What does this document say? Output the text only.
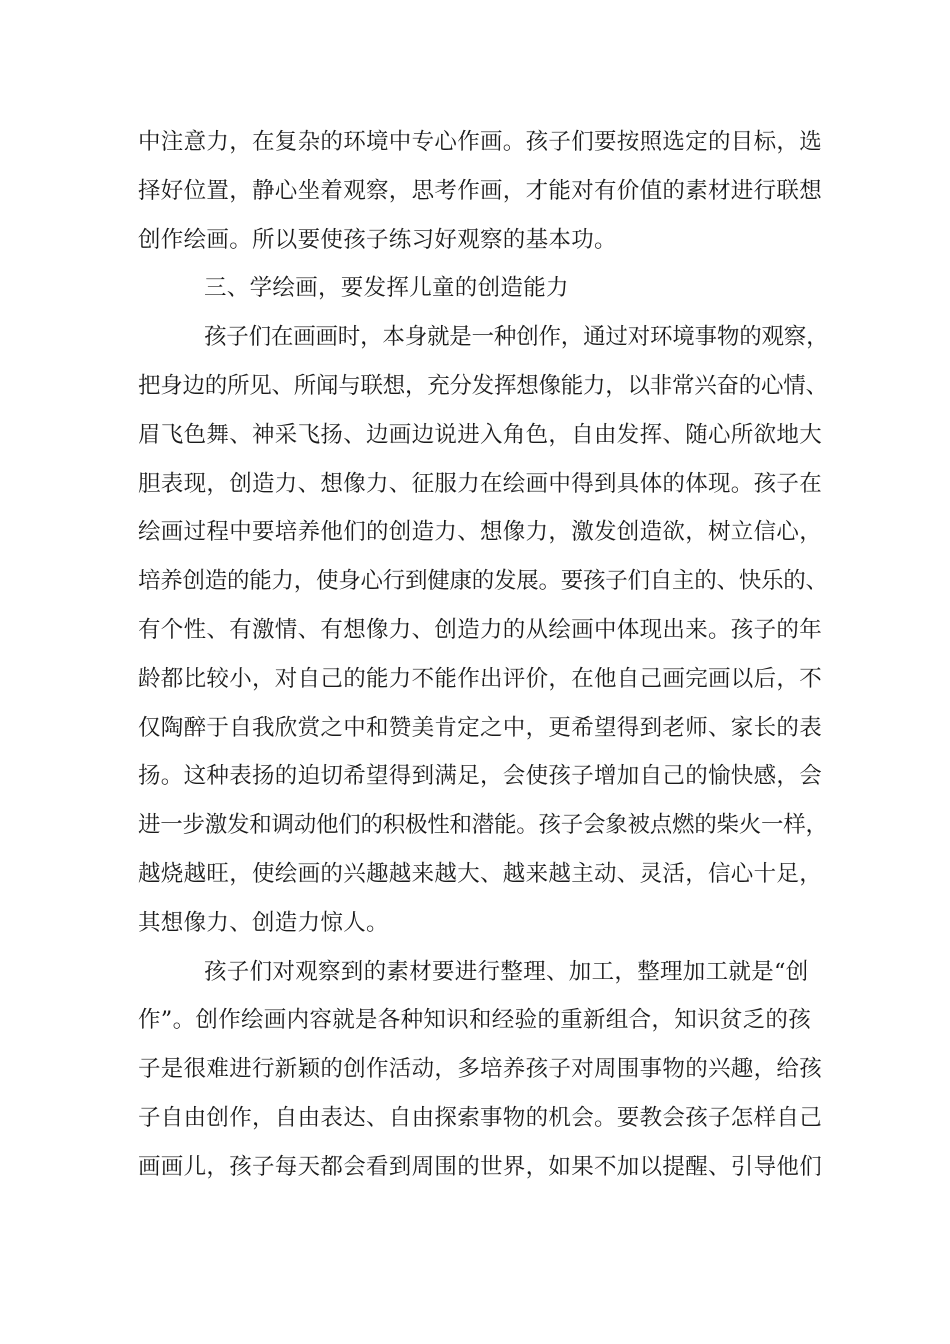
中注意力，在复杂的环境中专心作画。孩子们要按照选定的目标，选
择好位置，静心坐着观察，思考作画，才能对有价值的素材进行联想
创作绘画。所以要使孩子练习好观察的基本功。
三、学绘画，要发挥儿童的创造能力
孩子们在画画时，本身就是一种创作，通过对环境事物的观察，
把身边的所见、所闻与联想，充分发挥想像能力，以非常兴奋的心情、
眉飞色舞、神采飞扬、边画边说进入角色，自由发挥、随心所欲地大
胆表现，创造力、想像力、征服力在绘画中得到具体的体现。孩子在
绘画过程中要培养他们的创造力、想像力，激发创造欲，树立信心，
培养创造的能力，使身心行到健康的发展。要孩子们自主的、快乐的、
有个性、有激情、有想像力、创造力的从绘画中体现出来。孩子的年
龄都比较小，对自己的能力不能作出评价，在他自己画完画以后，不
仅陶醉于自我欣赏之中和赞美肯定之中，更希望得到老师、家长的表
扬。这种表扬的迫切希望得到满足，会使孩子增加自己的愉快感，会
进一步激发和调动他们的积极性和潜能。孩子会象被点燃的柴火一样，
越烧越旺，使绘画的兴趣越来越大、越来越主动、灵活，信心十足，
其想像力、创造力惊人。
孩子们对观察到的素材要进行整理、加工，整理加工就是“创
作”。创作绘画内容就是各种知识和经验的重新组合，知识贫乏的孩
子是很难进行新颖的创作活动，多培养孩子对周围事物的兴趣，给孩
子自由创作，自由表达、自由探索事物的机会。要教会孩子怎样自己
画画儿，孩子每天都会看到周围的世界，如果不加以提醒、引导他们
